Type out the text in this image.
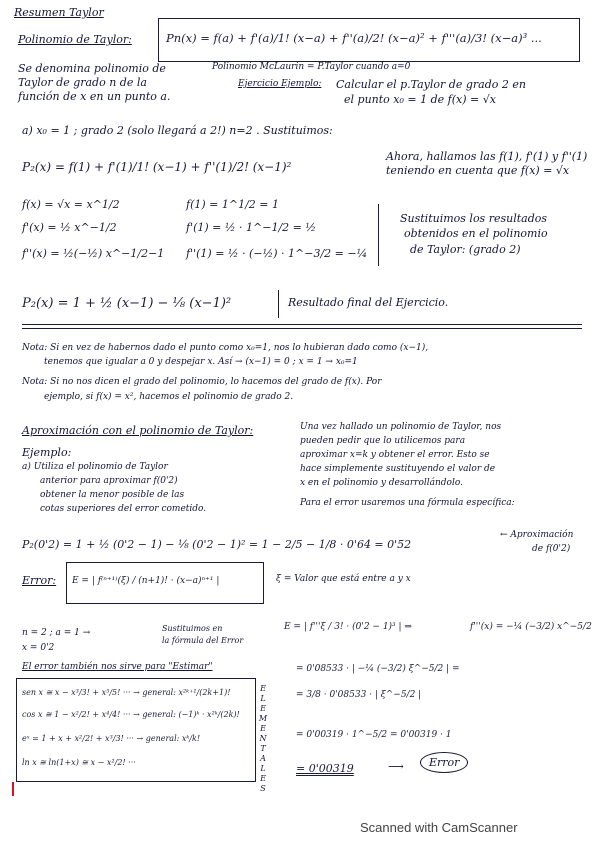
Resumen Taylor
Polinomio de Taylor:	Pn(x) = f(a) + f'(a)/1! (x−a) + f''(a)/2! (x−a)² + f'''(a)/3! (x−a)³ ...
Se denomina polinomio de
Taylor de grado n de la
función de x en un punto a.
Polinomio McLaurin = P.Taylor cuando a=0
Ejercicio Ejemplo: Calcular el p.Taylor de grado 2 en
el punto x₀ = 1 de f(x) = √x
a) x₀ = 1 ; grado 2 (solo llegará a 2!) n=2 . Sustituimos:
P₂(x) = f(1) + f'(1)/1! (x−1) + f''(1)/2! (x−1)²
Ahora, hallamos las f(1), f'(1) y f''(1)
teniendo en cuenta que f(x) = √x
f(x) = √x = x^1/2	f(1) = 1^1/2 = 1
f'(x) = ½ x^−1/2	f'(1) = ½ · 1^−1/2 = ½
f''(x) = ½(−½) x^−1/2−1 f''(1) = ½ · (−½) · 1^−3/2 = −¼
Sustituimos los resultados
obtenidos en el polinomio
de Taylor: (grado 2)
P₂(x) = 1 + ½ (x−1) − ⅛ (x−1)²	Resultado final del Ejercicio.
Nota: Si en vez de habernos dado el punto como x₀=1, nos lo hubieran dado como (x−1),
tenemos que igualar a 0 y despejar x. Así → (x−1) = 0 ; x = 1 → x₀=1
Nota: Si no nos dicen el grado del polinomio, lo hacemos del grado de f(x). Por
ejemplo, si f(x) = x², hacemos el polinomio de grado 2.
Aproximación con el polinomio de Taylor:	Una vez hallado un polinomio de Taylor, nos
pueden pedir que lo utilicemos para
aproximar x=k y obtener el error. Esto se
hace simplemente sustituyendo el valor de
x en el polinomio y desarrollándolo.
Para el error usaremos una fórmula específica:
Ejemplo:
a) Utiliza el polinomio de Taylor
anterior para aproximar f(0'2)
obtener la menor posible de las
cotas superiores del error cometido.
P₂(0'2) = 1 + ½ (0'2 − 1) − ⅛ (0'2 − 1)² = 1 − 2/5 − 1/8 · 0'64 = 0'52
← Aproximación
de f(0'2)
Error: E = | f⁽ⁿ⁺¹⁾(ξ) / (n+1)! · (x−a)ⁿ⁺¹ |	ξ = Valor que está entre a y x
n = 2 ; a = 1 →
x = 0'2
Sustituimos en
la fórmula del Error
E = | f'''ξ / 3! · (0'2 − 1)³ | ⇒	f'''(x) = −¼ (−3/2) x^−5/2
El error también nos sirve para "Estimar"	= 0'08533 · | −¼ (−3/2) ξ^−5/2 | =
= 3/8 · 0'08533 · | ξ^−5/2 |
= 0'00319 · 1^−5/2 = 0'00319 · 1
= 0'00319	⟶	Error
sen x ≅ x − x³/3! + x⁵/5! ··· → general: x²ᵏ⁺¹/(2k+1)!
cos x ≅ 1 − x²/2! + x⁴/4! ··· → general: (−1)ᵏ · x²ᵏ/(2k)!
eˣ = 1 + x + x²/2! + x³/3! ··· → general: xᵏ/k!
ln x ≅ ln(1+x) ≅ x − x²/2! ···
E
L
E
M
E
N
T
A
L
E
S
Scanned with CamScanner
